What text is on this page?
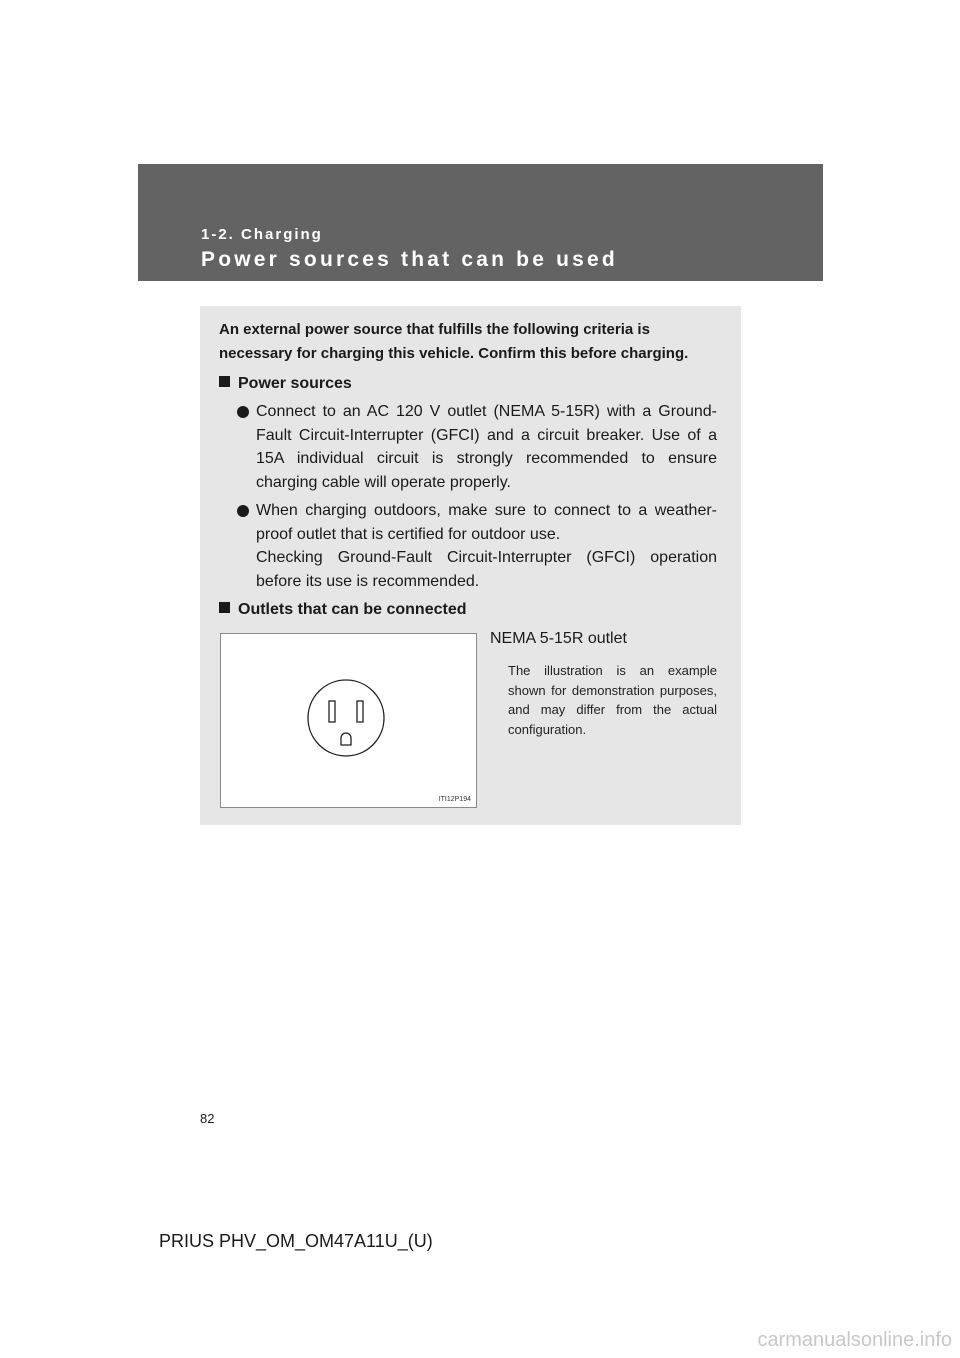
1-2. Charging
Power sources that can be used

An external power source that fulfills the following criteria is necessary for charging this vehicle. Confirm this before charging.

Power sources

Connect to an AC 120 V outlet (NEMA 5-15R) with a Ground-Fault Circuit-Interrupter (GFCI) and a circuit breaker. Use of a 15A individual circuit is strongly recommended to ensure charging cable will operate properly.

When charging outdoors, make sure to connect to a weather-proof outlet that is certified for outdoor use.

Checking Ground-Fault Circuit-Interrupter (GFCI) operation before its use is recommended.

Outlets that can be connected
ITI12P194
NEMA 5-15R outlet

The illustration is an example shown for demonstration purposes, and may differ from the actual configuration.

82
PRIUS PHV_OM_OM47A11U_(U)
carmanualsonline.info
